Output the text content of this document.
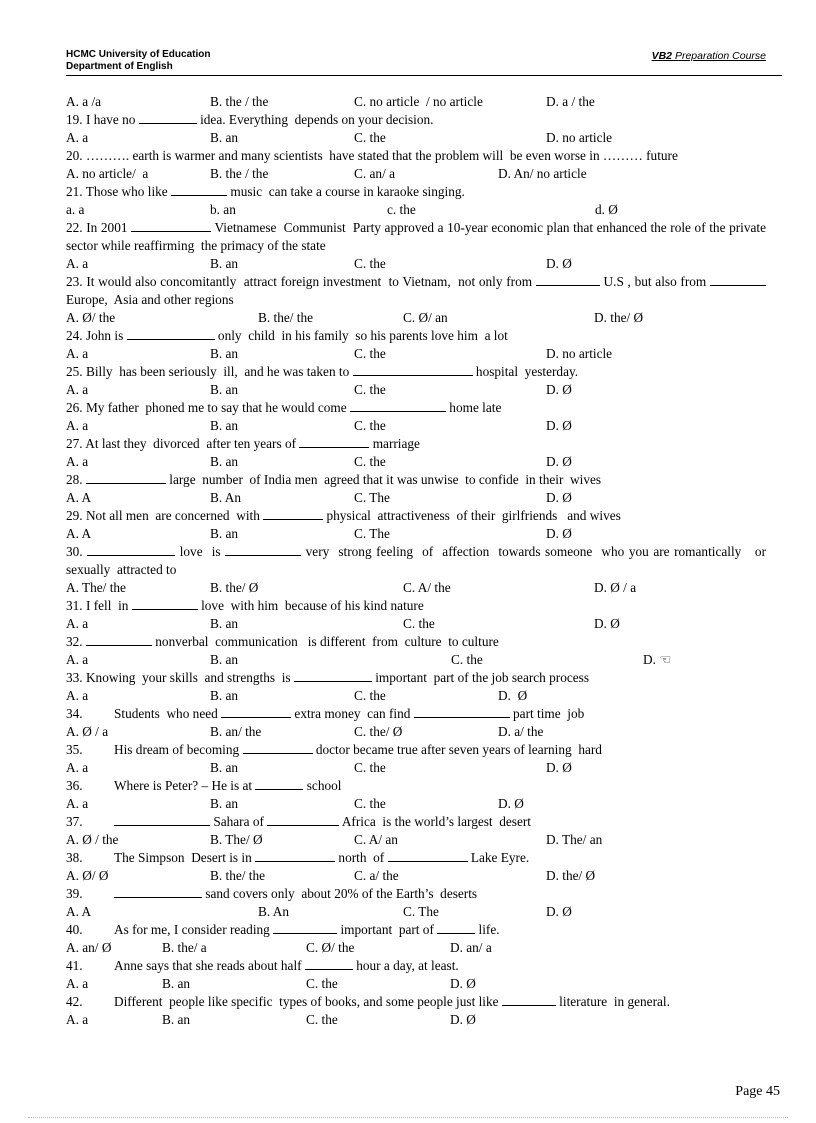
HCMC University of Education
Department of English
VB2 Preparation Course
A. a /a	B. the / the	C. no article  / no article	D. a / the
19. I have no	idea. Everything  depends on your decision.
A. a	B. an	C. the	D. no article
20. ………. earth is warmer and many scientists  have stated that the problem will  be even worse in ……… future
A. no article/  a	B. the / the	C. an/ a	D. An/ no article
21. Those who like	music  can take a course in karaoke singing.
a. a	b. an	c. the	d. Ø
22. In 2001	Vietnamese  Communist  Party approved a 10-year economic plan that enhanced the role of the private sector while reaffirming  the primacy of the state
A. a	B. an	C. the	D. Ø
23. It would also concomitantly  attract foreign investment  to Vietnam,  not only from	U.S , but also from	Europe,  Asia and other regions
A. Ø/ the	B. the/ the	C. Ø/ an	D. the/ Ø
24. John is	only  child  in his family  so his parents love him  a lot
A. a	B. an	C. the	D. no article
25. Billy  has been seriously  ill,  and he was taken to	hospital  yesterday.
A. a	B. an	C. the	D. Ø
26. My father  phoned me to say that he would come	home late
A. a	B. an	C. the	D. Ø
27. At last they  divorced  after ten years of	marriage
A. a	B. an	C. the	D. Ø
28.	large  number  of India men  agreed that it was unwise  to confide  in their  wives
A. A	B. An	C. The	D. Ø
29. Not all men  are concerned  with	physical  attractiveness  of their  girlfriends   and wives
A. A	B. an	C. The	D. Ø
30.	love  is	very  strong feeling  of  affection  towards someone  who you are romantically   or sexually  attracted to
A. The/ the	B. the/ Ø	C. A/ the	D. Ø / a
31. I fell  in	love  with him  because of his kind nature
A. a	B. an	C. the	D. Ø
32.	nonverbal  communication   is different  from  culture  to culture
A. a	B. an	C. the	D. ☜
33. Knowing  your skills  and strengths  is	important  part of the job search process
A. a	B. an	C. the	D.  Ø
34. Students  who need	extra money  can find	part time  job
A. Ø / a	B. an/ the	C. the/ Ø	D. a/ the
35. His dream of becoming	doctor became true after seven years of learning  hard
A. a	B. an	C. the	D. Ø
36. Where is Peter? – He is at	school
A. a	B. an	C. the	D. Ø
37.	Sahara of	Africa  is the world’s largest  desert
A. Ø / the	B. The/ Ø	C. A/ an	D. The/ an
38. The Simpson  Desert is in	north  of	Lake Eyre.
A. Ø/ Ø	B. the/ the	C. a/ the	D. the/ Ø
39.	sand covers only  about 20% of the Earth’s  deserts
A. A	B. An	C. The	D. Ø
40. As for me, I consider reading	important  part of	life.
A. an/ Ø	B. the/ a	C. Ø/ the	D. an/ a
41. Anne says that she reads about half	hour a day, at least.
A. a	B. an	C. the	D. Ø
42. Different  people like specific  types of books, and some people just like	literature  in general.
A. a	B. an	C. the	D. Ø
Page 45
